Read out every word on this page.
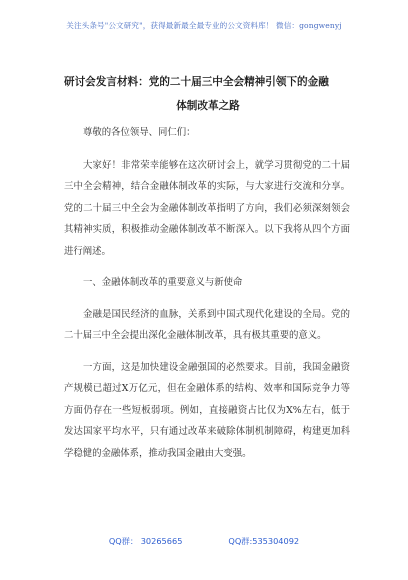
关注头条号"公文研究"，获得最新最全最专业的公文资料库！ 微信：gongwenyj
研讨会发言材料：党的二十届三中全会精神引领下的金融
体制改革之路

尊敬的各位领导、同仁们：

大家好！非常荣幸能够在这次研讨会上，就学习贯彻党的二十届三中全会精神，结合金融体制改革的实际，与大家进行交流和分享。党的二十届三中全会为金融体制改革指明了方向，我们必须深刻领会其精神实质，积极推动金融体制改革不断深入。以下我将从四个方面进行阐述。

一、金融体制改革的重要意义与新使命

金融是国民经济的血脉，关系到中国式现代化建设的全局。党的二十届三中全会提出深化金融体制改革，具有极其重要的意义。

一方面，这是加快建设金融强国的必然要求。目前，我国金融资产规模已超过X万亿元，但在金融体系的结构、效率和国际竞争力等方面仍存在一些短板弱项。例如，直接融资占比仅为X%左右，低于发达国家平均水平，只有通过改革来破除体制机制障碍，构建更加科学稳健的金融体系，推动我国金融由大变强。

QQ群： 30265665	QQ群:535304092
